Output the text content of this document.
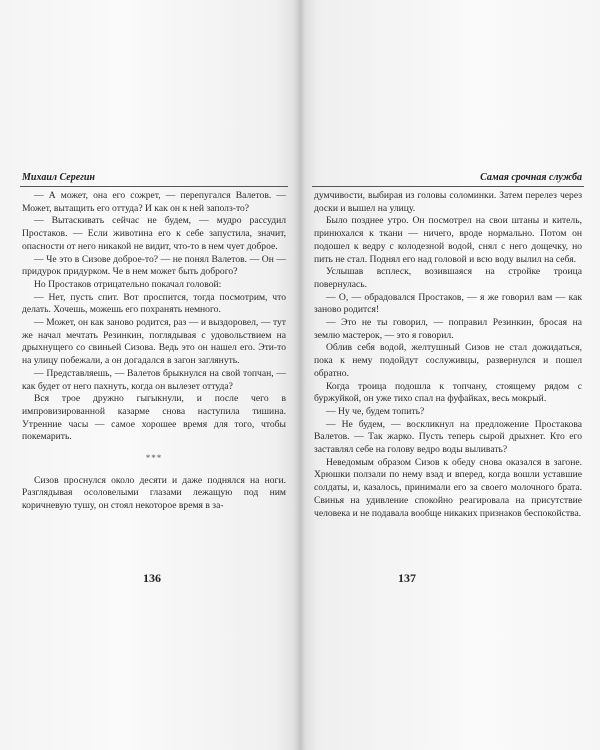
Михаил Серегин

— А может, она его сожрет, — перепугался Валетов. — Может, вытащить его оттуда? И как он к ней заполз-то?

— Вытаскивать сейчас не будем, — мудро рассудил Простаков. — Если животина его к себе запустила, значит, опасности от него никакой не видит, что-то в нем чует доброе.

— Че это в Сизове доброе-то? — не понял Валетов. — Он — придурок придурком. Че в нем может быть доброго?

Но Простаков отрицательно покачал головой:

— Нет, пусть спит. Вот проспится, тогда посмотрим, что делать. Хочешь, можешь его похранять немного.

— Может, он как заново родится, раз — и выздоровел, — тут же начал мечтать Резинкин, поглядывая с удовольствием на дрыхнущего со свиньей Сизова. Ведь это он нашел его. Эти-то на улицу побежали, а он догадался в загон заглянуть.

— Представляешь, — Валетов брыкнулся на свой топчан, — как будет от него пахнуть, когда он вылезет оттуда?

Вся трое дружно гыгыкнули, и после чего в импровизированной казарме снова наступила тишина. Утренние часы — самое хорошее время для того, чтобы покемарить.

***

Сизов проснулся около десяти и даже поднялся на ноги. Разглядывая осоловелыми глазами лежащую под ним коричневую тушу, он стоял некоторое время в за-

136
Самая срочная служба

думчивости, выбирая из головы соломинки. Затем перелез через доски и вышел на улицу.

Было позднее утро. Он посмотрел на свои штаны и китель, принюхался к ткани — ничего, вроде нормально. Потом он подошел к ведру с колодезной водой, снял с него дощечку, но пить не стал. Поднял его над головой и всю воду вылил на себя.

Услышав всплеск, возившаяся на стройке троица повернулась.

— О, — обрадовался Простаков, — я же говорил вам — как заново родится!

— Это не ты говорил, — поправил Резинкин, бросая на землю мастерок, — это я говорил.

Облив себя водой, желтушный Сизов не стал дожидаться, пока к нему подойдут сослуживцы, развернулся и пошел обратно.

Когда троица подошла к топчану, стоящему рядом с буржуйкой, он уже тихо спал на фуфайках, весь мокрый.

— Ну че, будем топить?

— Не будем, — воскликнул на предложение Простакова Валетов. — Так жарко. Пусть теперь сырой дрыхнет. Кто его заставлял себе на голову ведро воды выливать?

Неведомым образом Сизов к обеду снова оказался в загоне. Хрюшки ползали по нему взад и вперед, когда вошли уставшие солдаты, и, казалось, принимали его за своего молочного брата. Свинья на удивление спокойно реагировала на присутствие человека и не подавала вообще никаких признаков беспокойства.

137
